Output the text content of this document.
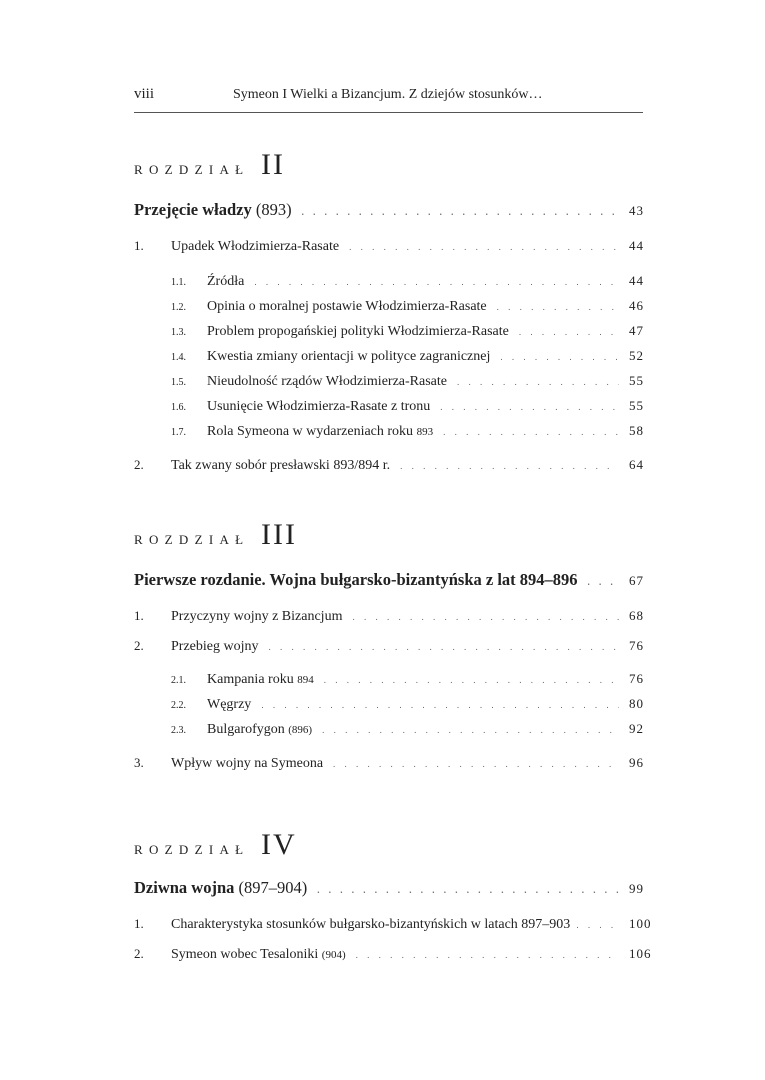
viii	Symeon I Wielki a Bizancjum. Z dziejów stosunków…
ROZDZIAŁ II
Przejęcie władzy (893) . . .	43
1.	Upadek Włodzimierza-Rasate . . .	44
1.1.	Źródła . . .	44
1.2.	Opinia o moralnej postawie Włodzimierza-Rasate . . .	46
1.3.	Problem propogańskiej polityki Włodzimierza-Rasate . . .	47
1.4.	Kwestia zmiany orientacji w polityce zagranicznej . . .	52
1.5.	Nieudolność rządów Włodzimierza-Rasate . . .	55
1.6.	Usunięcie Włodzimierza-Rasate z tronu . . .	55
1.7.	Rola Symeona w wydarzeniach roku 893 . . .	58
2.	Tak zwany sobór presławski 893/894 r. . . .	64
ROZDZIAŁ III
Pierwsze rozdanie. Wojna bułgarsko-bizantyńska z lat 894–896 . . .	67
1.	Przyczyny wojny z Bizancjum . . .	68
2.	Przebieg wojny . . .	76
2.1.	Kampania roku 894 . . .	76
2.2.	Węgrzy . . .	80
2.3.	Bulgarofygon (896) . . .	92
3.	Wpływ wojny na Symeona . . .	96
ROZDZIAŁ IV
Dziwna wojna (897–904) . . .	99
1.	Charakterystyka stosunków bułgarsko-bizantyńskich w latach 897–903 . . .	100
2.	Symeon wobec Tesaloniki (904) . . .	106
